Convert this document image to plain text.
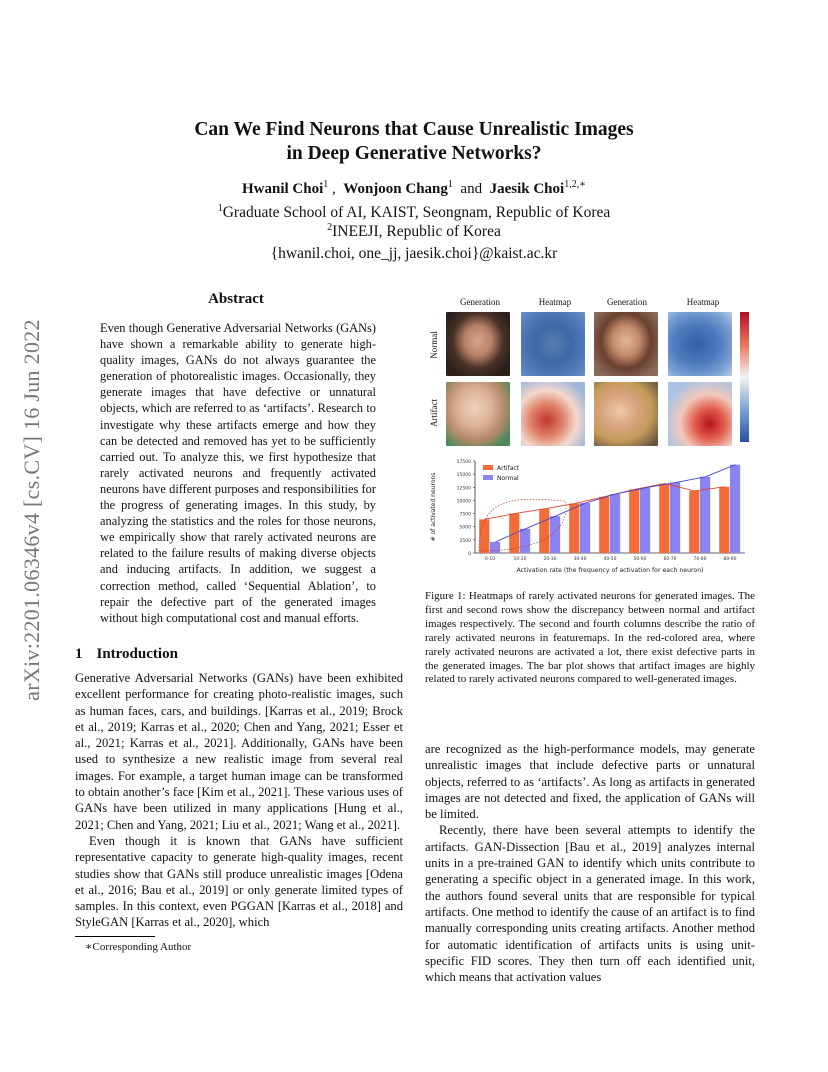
arXiv:2201.06346v4 [cs.CV] 16 Jun 2022
Can We Find Neurons that Cause Unrealistic Images
in Deep Generative Networks?
Hwanil Choi$^1$ ,  Wonjoon Chang$^1$  and  Jaesik Choi$^{1,2,∗}$
$^1$Graduate School of AI, KAIST, Seongnam, Republic of Korea
$^2$INEEJI, Republic of Korea
{hwanil.choi, one_jj, jaesik.choi}@kaist.ac.kr
Abstract
Even though Generative Adversarial Networks (GANs) have shown a remarkable ability to generate high-quality images, GANs do not always guarantee the generation of photorealistic images. Occasionally, they generate images that have defective or unnatural objects, which are referred to as ‘artifacts’. Research to investigate why these artifacts emerge and how they can be detected and removed has yet to be sufficiently carried out. To analyze this, we first hypothesize that rarely activated neurons and frequently activated neurons have different purposes and responsibilities for the progress of generating images. In this study, by analyzing the statistics and the roles for those neurons, we empirically show that rarely activated neurons are related to the failure results of making diverse objects and inducing artifacts. In addition, we suggest a correction method, called ‘Sequential Ablation’, to repair the defective part of the generated images without high computational cost and manual efforts.
1 Introduction

Generative Adversarial Networks (GANs) have been exhibited excellent performance for creating photo-realistic images, such as human faces, cars, and buildings. [Karras et al., 2019; Brock et al., 2019; Karras et al., 2020; Chen and Yang, 2021; Esser et al., 2021; Karras et al., 2021]. Additionally, GANs have been used to synthesize a new realistic image from several real images. For example, a target human image can be transformed to obtain another’s face [Kim et al., 2021]. These various uses of GANs have been utilized in many applications [Hung et al., 2021; Chen and Yang, 2021; Liu et al., 2021; Wang et al., 2021].

Even though it is known that GANs have sufficient representative capacity to generate high-quality images, recent studies show that GANs still produce unrealistic images [Odena et al., 2016; Bau et al., 2019] or only generate limited types of samples. In this context, even PGGAN [Karras et al., 2018] and StyleGAN [Karras et al., 2020], which

∗Corresponding Author

are recognized as the high-performance models, may generate unrealistic images that include defective parts or unnatural objects, referred to as ‘artifacts’. As long as artifacts in generated images are not detected and fixed, the application of GANs will be limited.

Recently, there have been several attempts to identify the artifacts. GAN-Dissection [Bau et al., 2019] analyzes internal units in a pre-trained GAN to identify which units contribute to generating a specific object in a generated image. In this work, the authors found several units that are responsible for typical artifacts. One method to identify the cause of an artifact is to find manually corresponding units creating artifacts. Another method for automatic identification of artifacts units is using unit-specific FID scores. They then turn off each identified unit, which means that activation values

Generation	Heatmap	Generation	Heatmap
Normal
Artifact
0
2500
5000
7500
10000
12500
15000
17500
# of activated neurons
0-10	10-20	20-30	30-40	40-50	50-60	60-70	70-80	80-90
Artifact
Normal
Activation rate (the frequency of activation for each neuron)
Figure 1: Heatmaps of rarely activated neurons for generated images. The first and second rows show the discrepancy between normal and artifact images respectively. The second and fourth columns describe the ratio of rarely activated neurons in featuremaps. In the red-colored area, where rarely activated neurons are activated a lot, there exist defective parts in the generated images. The bar plot shows that artifact images are highly related to rarely activated neurons compared to well-generated images.
